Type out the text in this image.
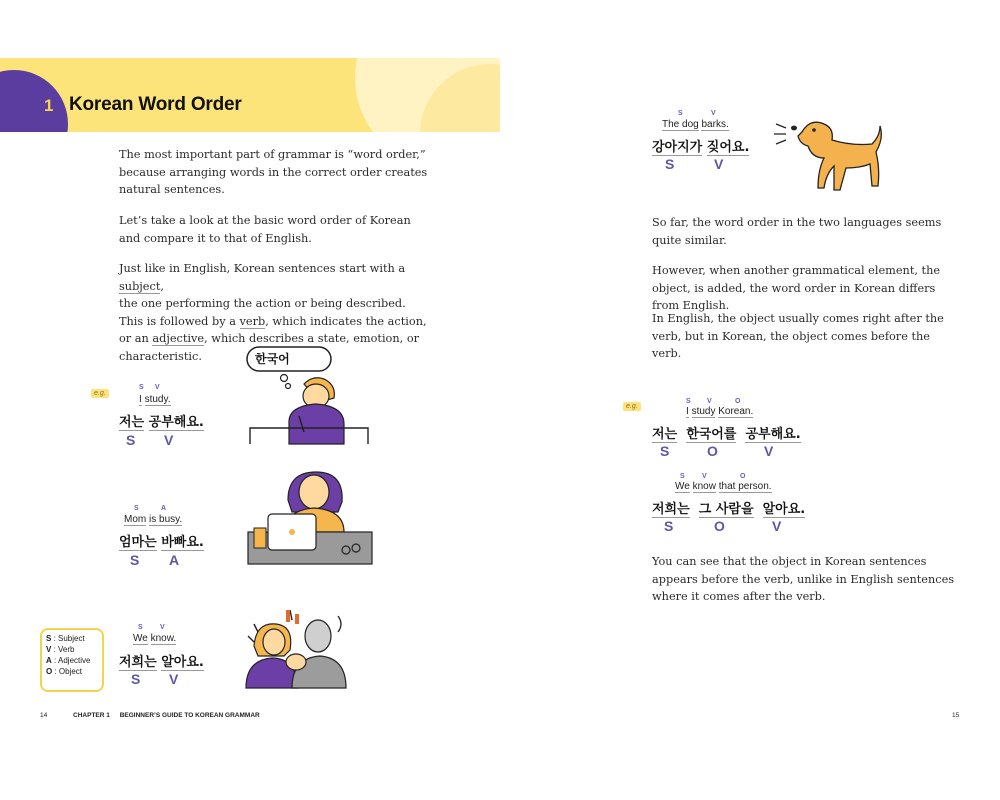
1 Korean Word Order

The most important part of grammar is “word order,” because arranging words in the correct order creates natural sentences.

Let’s take a look at the basic word order of Korean and compare it to that of English.

Just like in English, Korean sentences start with a subject,

the one performing the action or being described.

This is followed by a verb, which indicates the action,

or an adjective, which describes a state, emotion, or

characteristic.

e.g.
S V
I study.
저는 공부해요.
S V
S	A
Mom is busy.
엄마는 바빠요.
S A
S V
We know.
저희는 알아요.
S V
한국어
S : Subject
V : Verb
A : Adjective
O : Object
14	CHAPTER 1 BEGINNER’S GUIDE TO KOREAN GRAMMAR
S	V
The dog barks.
강아지가 짖어요.
S	V

So far, the word order in the two languages seems quite similar.

However, when another grammatical element, the object, is added, the word order in Korean differs from English.

In English, the object usually comes right after the verb, but in Korean, the object comes before the verb.

e.g.
S V	O
I study Korean.
저는 한국어를 공부해요.
S	O	V
S V	O
We know that person.
저희는 그 사람을 알아요.
S	O	V

You can see that the object in Korean sentences appears before the verb, unlike in English sentences where it comes after the verb.

15
